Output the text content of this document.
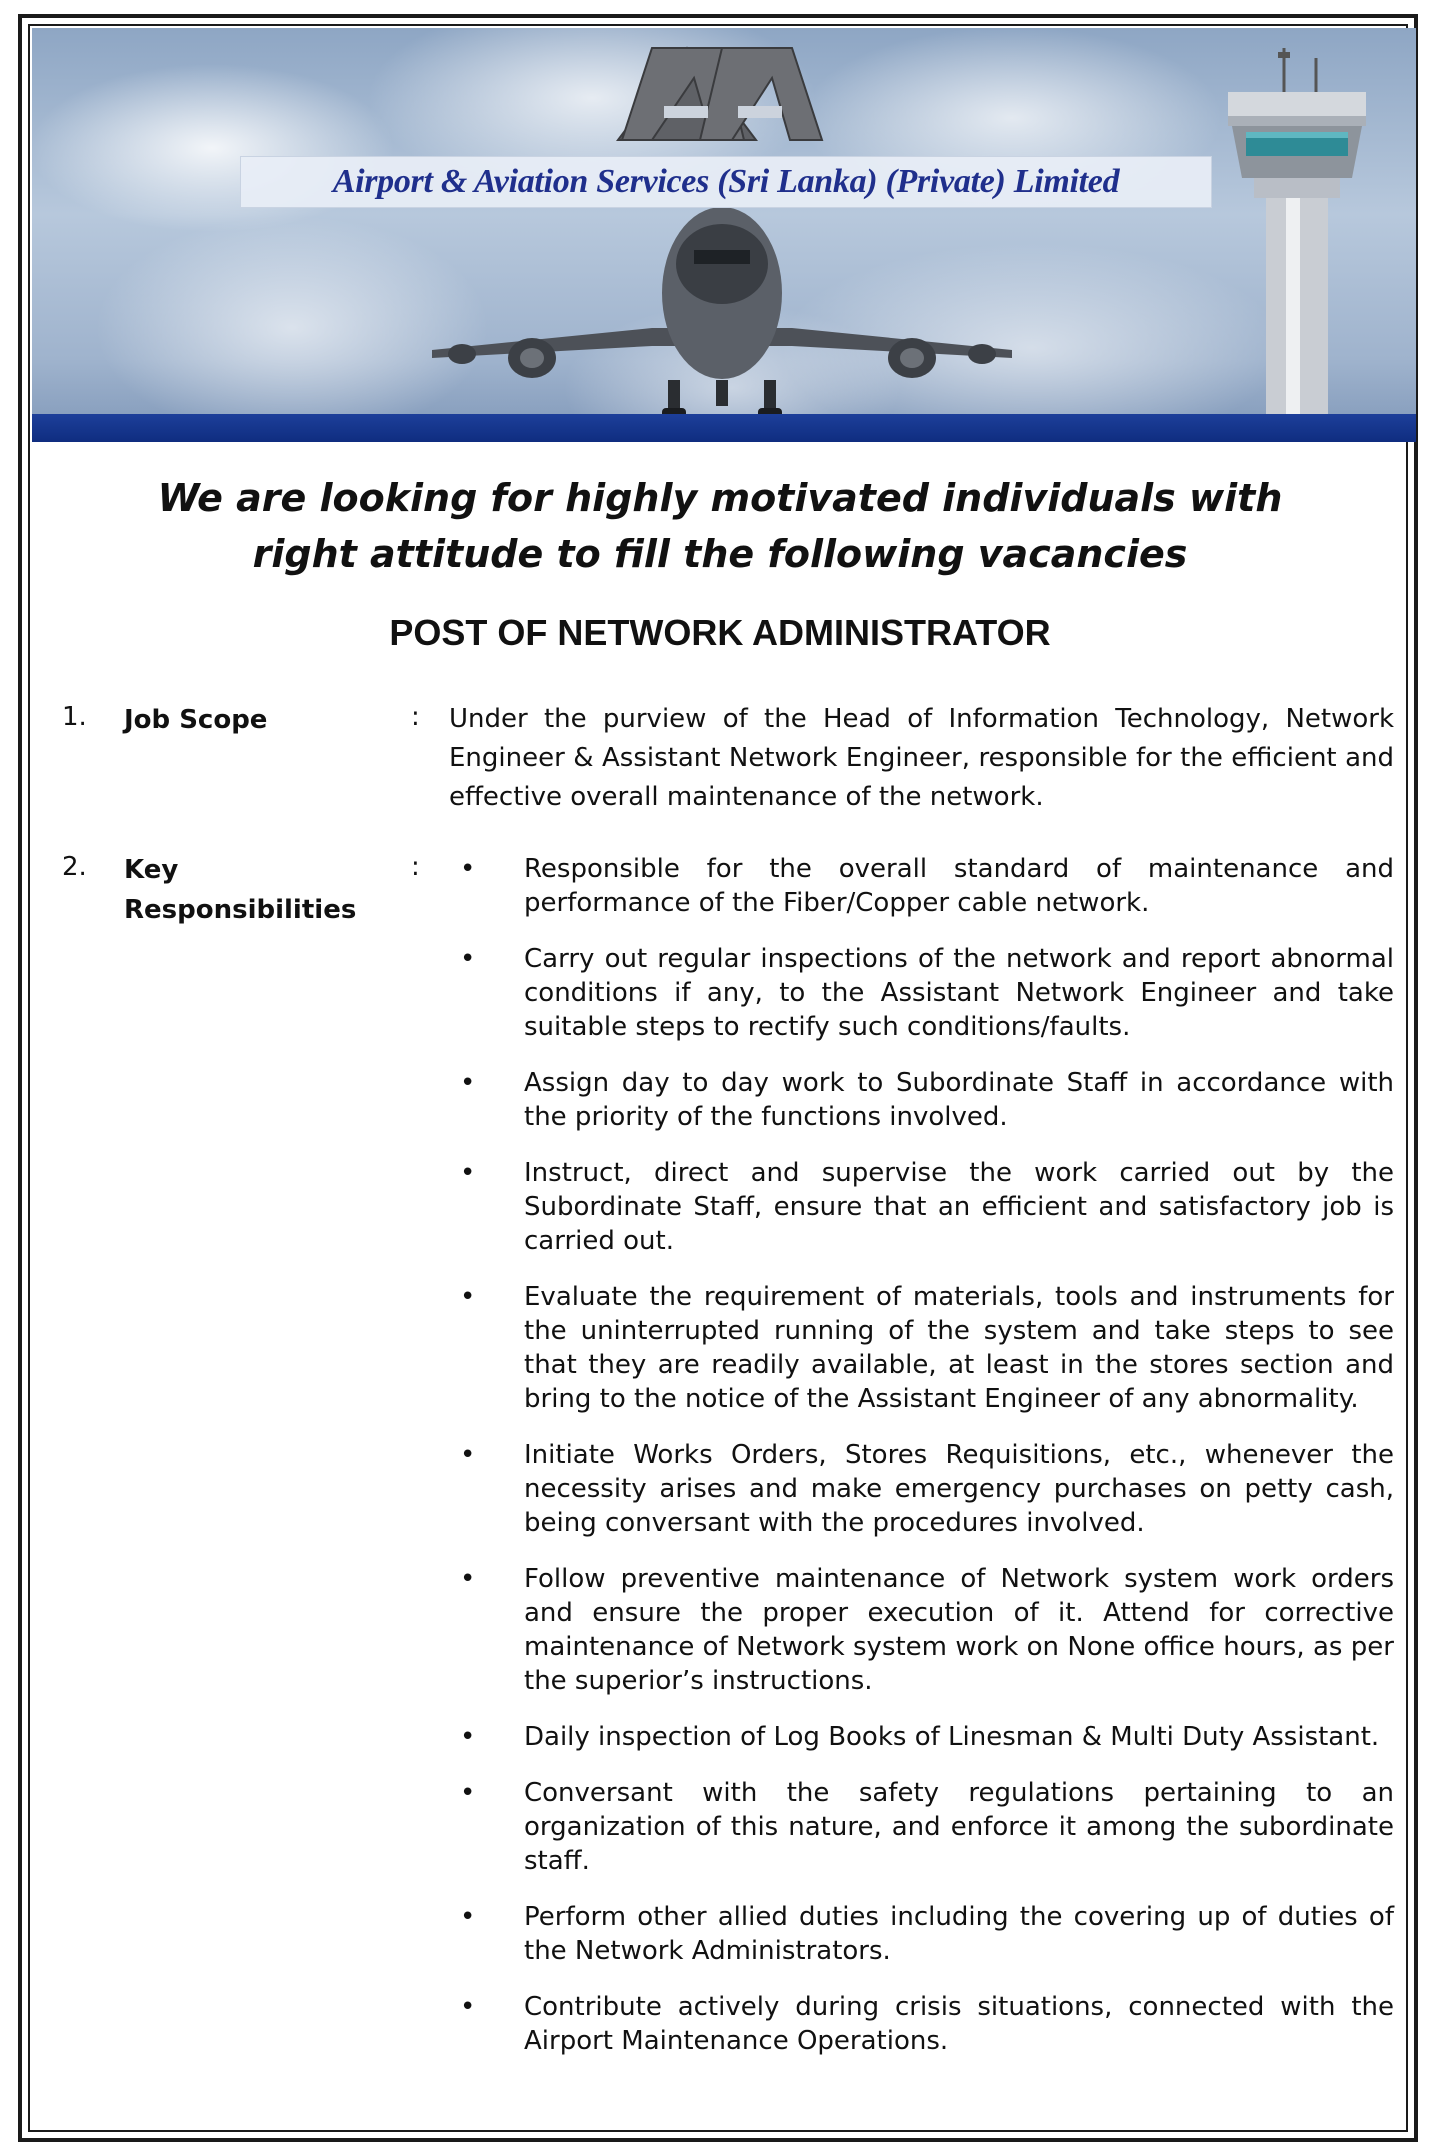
Airport & Aviation Services (Sri Lanka) (Private) Limited
We are looking for highly motivated individuals with
right attitude to fill the following vacancies
POST OF NETWORK ADMINISTRATOR
1. Job Scope	: Under the purview of the Head of Information Technology, Network Engineer & Assistant Network Engineer, responsible for the efficient and effective overall maintenance of the network.

2. Key
Responsibilities
: • Responsible for the overall standard of maintenance and performance of the Fiber/Copper cable network.
• Carry out regular inspections of the network and report abnormal conditions if any, to the Assistant Network Engineer and take suitable steps to rectify such conditions/faults.
• Assign day to day work to Subordinate Staff in accordance with the priority of the functions involved.
• Instruct, direct and supervise the work carried out by the Subordinate Staff, ensure that an efficient and satisfactory job is carried out.
• Evaluate the requirement of materials, tools and instruments for the uninterrupted running of the system and take steps to see that they are readily available, at least in the stores section and bring to the notice of the Assistant Engineer of any abnormality.
• Initiate Works Orders, Stores Requisitions, etc., whenever the necessity arises and make emergency purchases on petty cash, being conversant with the procedures involved.
• Follow preventive maintenance of Network system work orders and ensure the proper execution of it. Attend for corrective maintenance of Network system work on None office hours, as per the superior’s instructions.
• Daily inspection of Log Books of Linesman & Multi Duty Assistant.
• Conversant with the safety regulations pertaining to an organization of this nature, and enforce it among the subordinate staff.
• Perform other allied duties including the covering up of duties of the Network Administrators.
• Contribute actively during crisis situations, connected with the Airport Maintenance Operations.
